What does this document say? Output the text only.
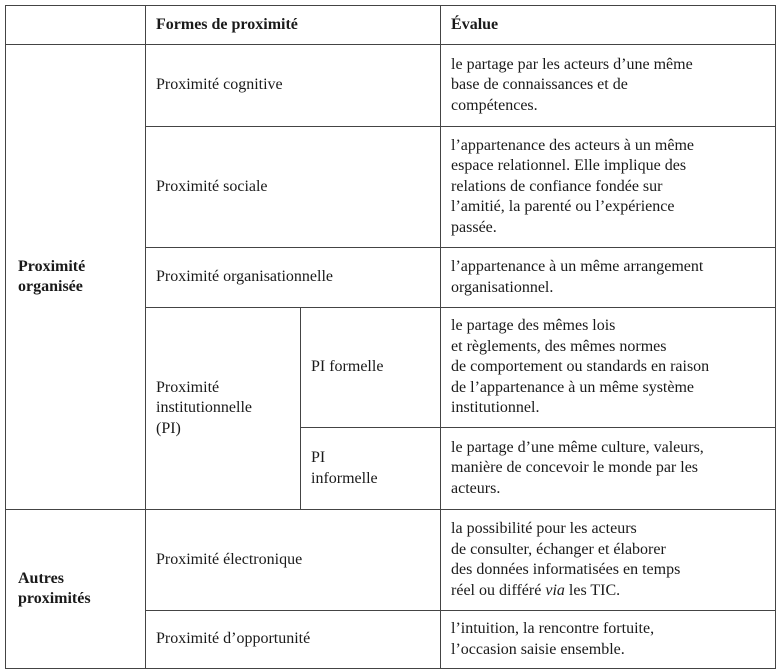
	Formes de proximité		Évalue
Proximité
organisée	Proximité cognitive		le partage par les acteurs d’une même
base de connaissances et de
compétences.
	Proximité sociale		l’appartenance des acteurs à un même
espace relationnel. Elle implique des
relations de confiance fondée sur
l’amitié, la parenté ou l’expérience
passée.
	Proximité organisationnelle		l’appartenance à un même arrangement
organisationnel.
	Proximité
institutionnelle
(PI)	PI formelle	le partage des mêmes lois
et règlements, des mêmes normes
de comportement ou standards en raison
de l’appartenance à un même système
institutionnel.
		PI
informelle	le partage d’une même culture, valeurs,
manière de concevoir le monde par les
acteurs.
Autres
proximités	Proximité électronique		la possibilité pour les acteurs
de consulter, échanger et élaborer
des données informatisées en temps
réel ou différé via les TIC.
	Proximité d’opportunité		l’intuition, la rencontre fortuite,
l’occasion saisie ensemble.
